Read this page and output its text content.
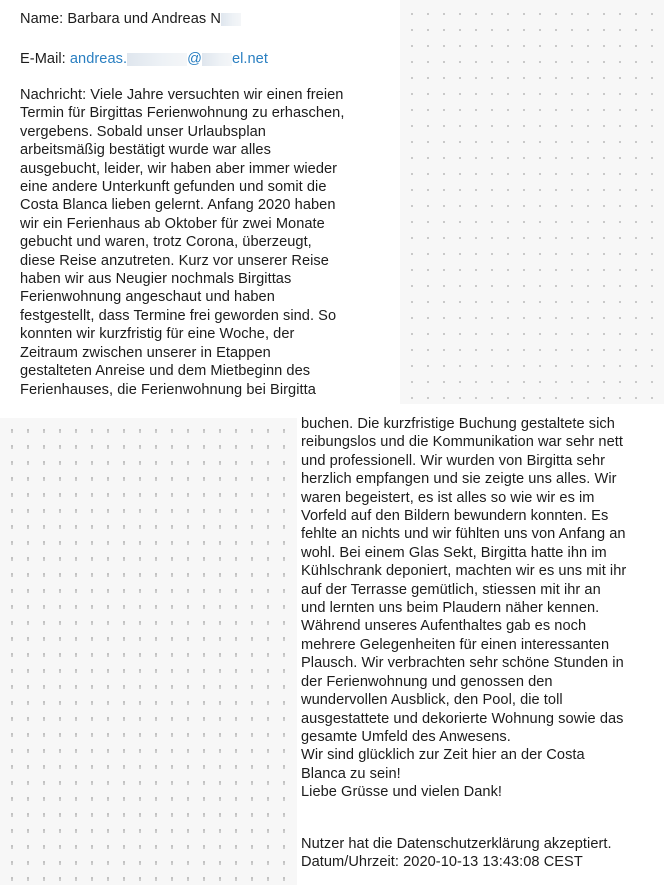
Name: Barbara und Andreas N
E-Mail: andreas.	@ el.net
Nachricht: Viele Jahre versuchten wir einen freien
Termin für Birgittas Ferienwohnung zu erhaschen,
vergebens. Sobald unser Urlaubsplan
arbeitsmäßig bestätigt wurde war alles
ausgebucht, leider, wir haben aber immer wieder
eine andere Unterkunft gefunden und somit die
Costa Blanca lieben gelernt. Anfang 2020 haben
wir ein Ferienhaus ab Oktober für zwei Monate
gebucht und waren, trotz Corona, überzeugt,
diese Reise anzutreten. Kurz vor unserer Reise
haben wir aus Neugier nochmals Birgittas
Ferienwohnung angeschaut und haben
festgestellt, dass Termine frei geworden sind. So
konnten wir kurzfristig für eine Woche, der
Zeitraum zwischen unserer in Etappen
gestalteten Anreise und dem Mietbeginn des
Ferienhauses, die Ferienwohnung bei Birgitta
buchen. Die kurzfristige Buchung gestaltete sich
reibungslos und die Kommunikation war sehr nett
und professionell. Wir wurden von Birgitta sehr
herzlich empfangen und sie zeigte uns alles. Wir
waren begeistert, es ist alles so wie wir es im
Vorfeld auf den Bildern bewundern konnten. Es
fehlte an nichts und wir fühlten uns von Anfang an
wohl. Bei einem Glas Sekt, Birgitta hatte ihn im
Kühlschrank deponiert, machten wir es uns mit ihr
auf der Terrasse gemütlich, stiessen mit ihr an
und lernten uns beim Plaudern näher kennen.
Während unseres Aufenthaltes gab es noch
mehrere Gelegenheiten für einen interessanten
Plausch. Wir verbrachten sehr schöne Stunden in
der Ferienwohnung und genossen den
wundervollen Ausblick, den Pool, die toll
ausgestattete und dekorierte Wohnung sowie das
gesamte Umfeld des Anwesens.
Wir sind glücklich zur Zeit hier an der Costa
Blanca zu sein!
Liebe Grüsse und vielen Dank!
Nutzer hat die Datenschutzerklärung akzeptiert.
Datum/Uhrzeit: 2020-10-13 13:43:08 CEST
